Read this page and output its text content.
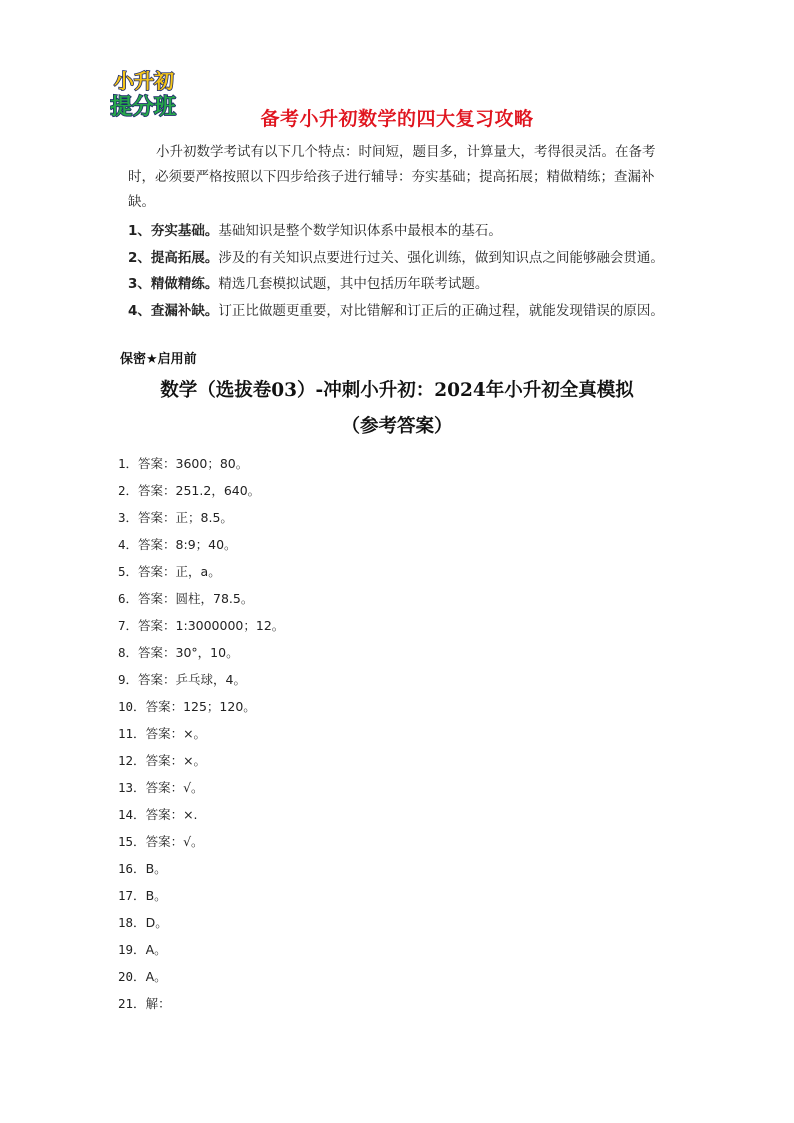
小升初
提分班	备考小升初数学的四大复习攻略

小升初数学考试有以下几个特点：时间短，题目多，计算量大，考得很灵活。在备考时，必须要严格按照以下四步给孩子进行辅导：夯实基础；提高拓展；精做精练；查漏补缺。

1、夯实基础。基础知识是整个数学知识体系中最根本的基石。
2、提高拓展。涉及的有关知识点要进行过关、强化训练，做到知识点之间能够融会贯通。
3、精做精练。精选几套模拟试题，其中包括历年联考试题。
4、查漏补缺。订正比做题更重要，对比错解和订正后的正确过程，就能发现错误的原因。
保密★启用前
数学（选拔卷03）-冲刺小升初：2024年小升初全真模拟
（参考答案）
1．答案：3600；80。
2．答案：251.2，640。
3．答案：正；8.5。
4．答案：8:9；40。
5．答案：正，a。
6．答案：圆柱，78.5。
7．答案：1:3000000；12。
8．答案：30°，10。
9．答案：乒乓球，4。
10．答案：125；120。
11．答案：×。
12．答案：×。
13．答案：√。
14．答案：×.
15．答案：√。
16．B。
17．B。
18．D。
19．A。
20．A。
21．解：
